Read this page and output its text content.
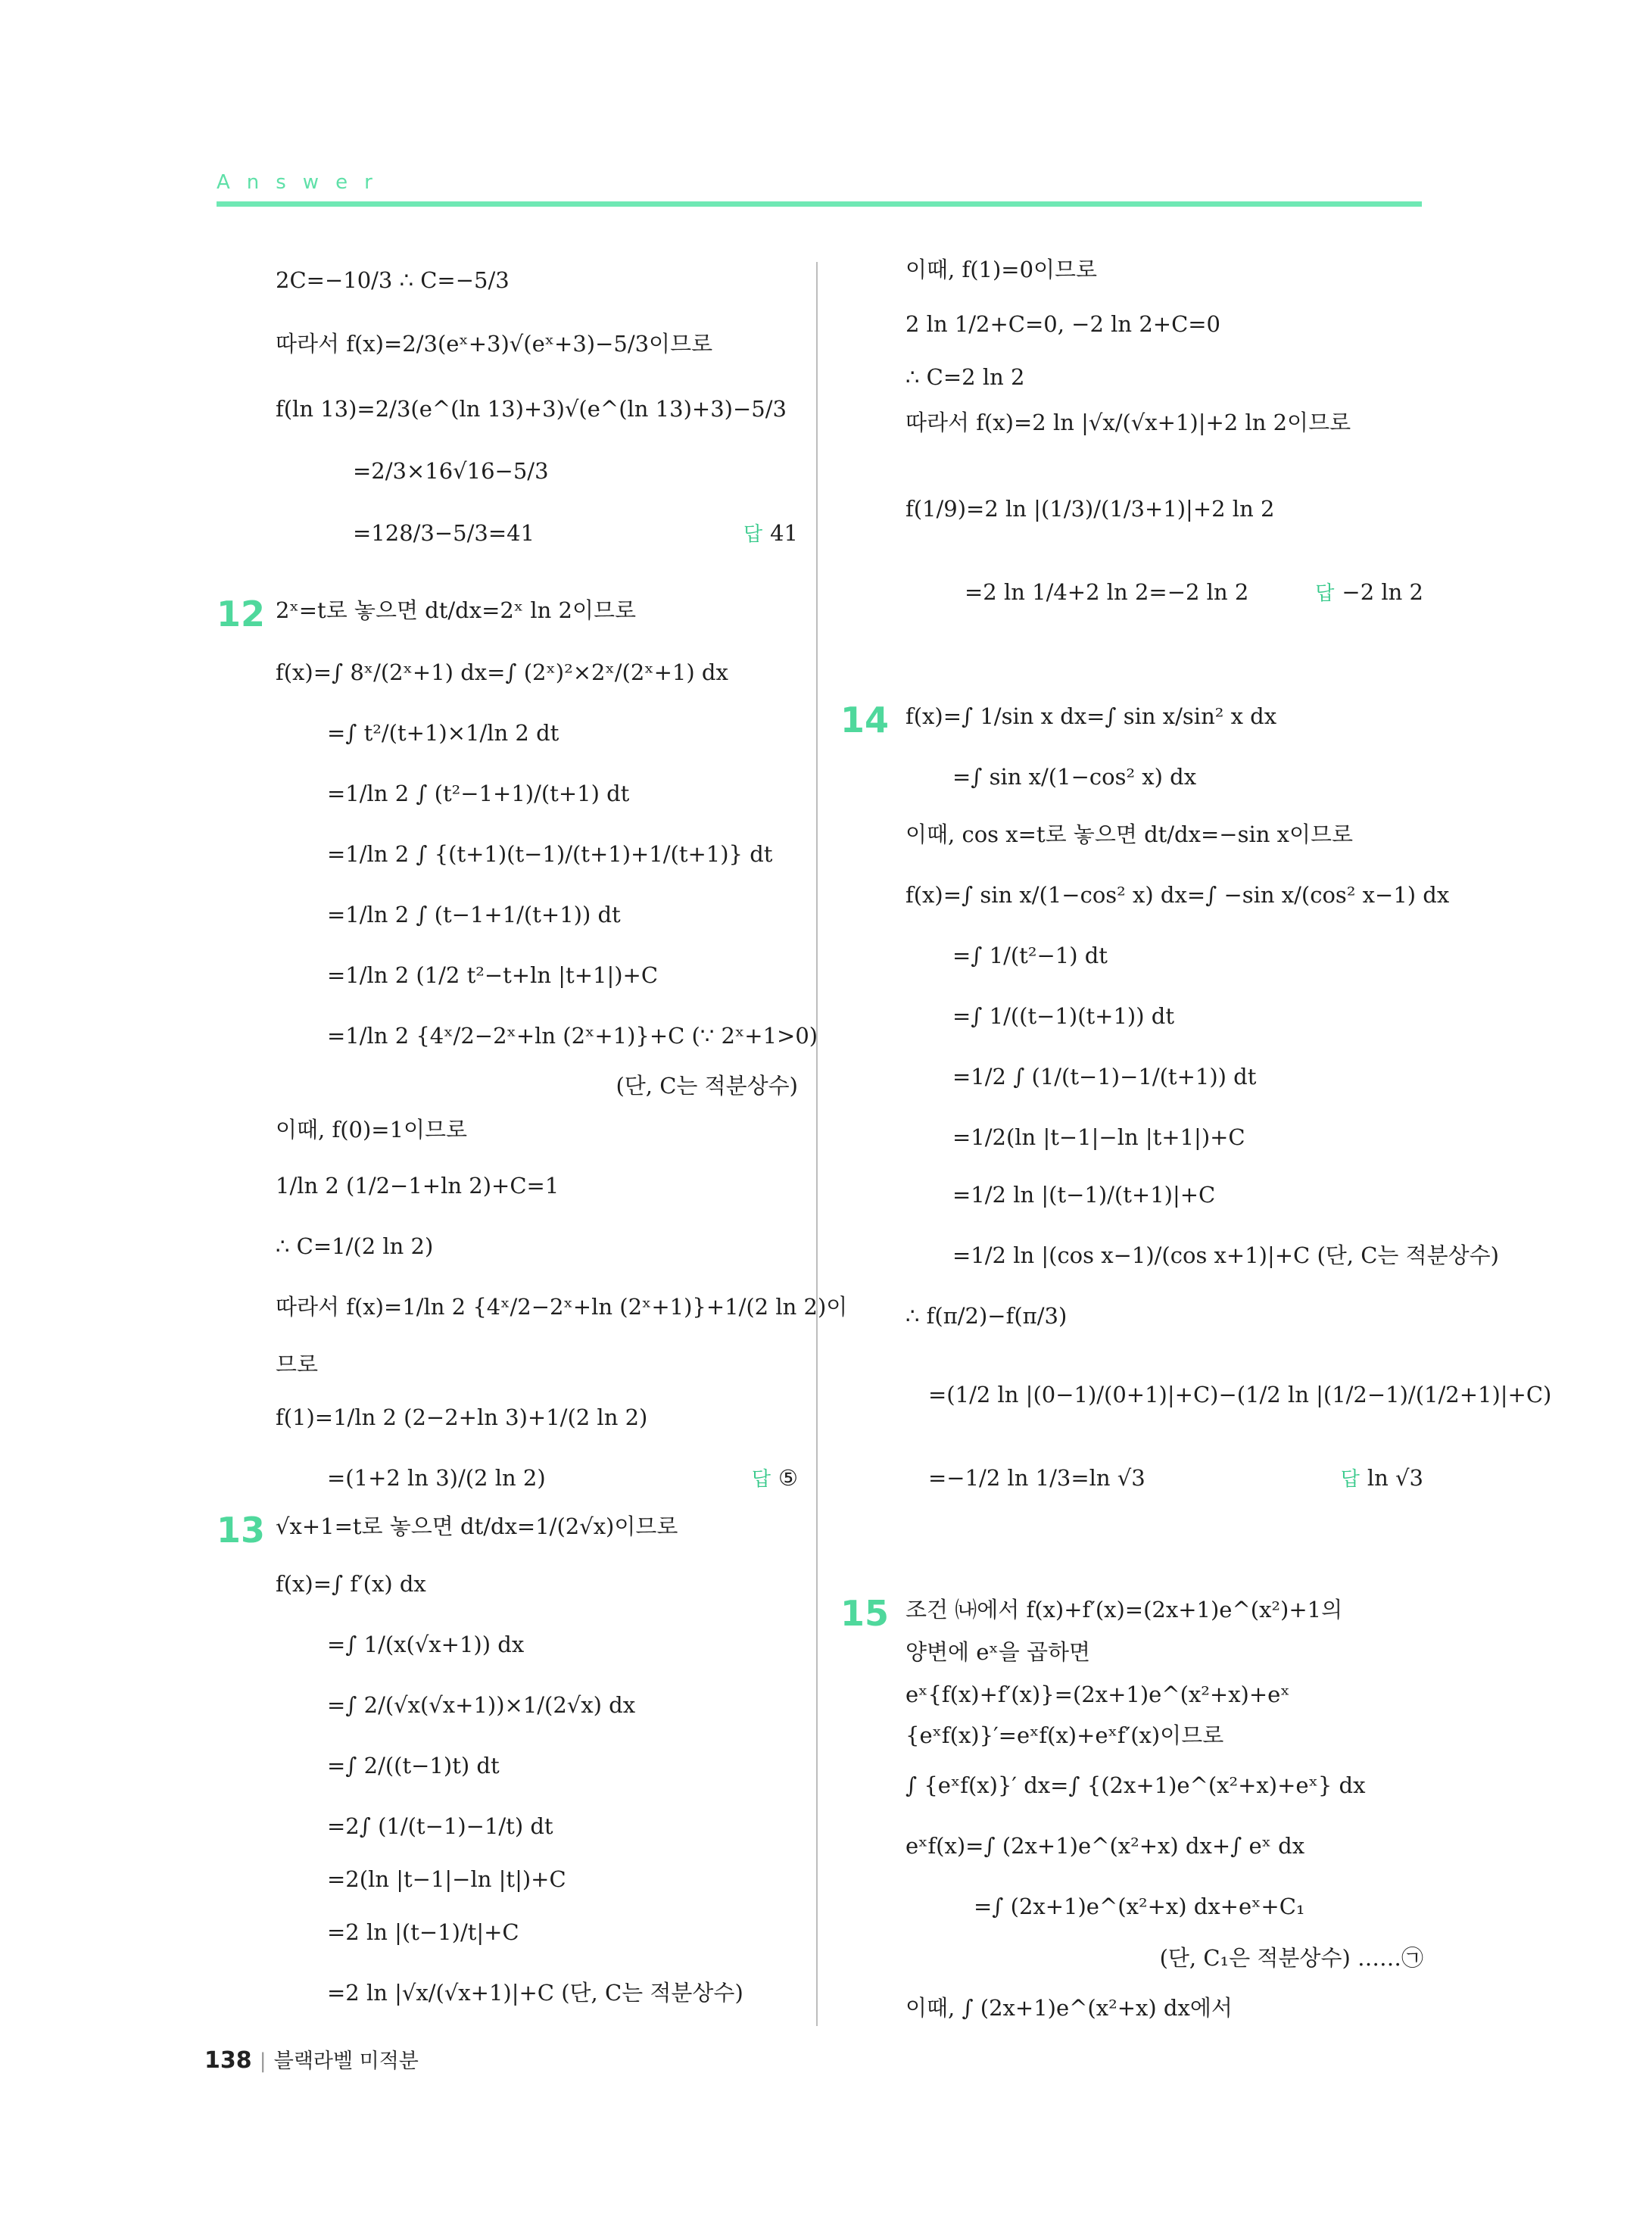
Answer
2C=−10/3 ∴ C=−5/3
따라서 f(x)=2/3(eˣ+3)√(eˣ+3)−5/3이므로
f(ln 13)=2/3(e^(ln 13)+3)√(e^(ln 13)+3)−5/3
=2/3×16√16−5/3
=128/3−5/3=41	답 41
12 2ˣ=t로 놓으면 dt/dx=2ˣ ln 2이므로
f(x)=∫ 8ˣ/(2ˣ+1) dx=∫ (2ˣ)²×2ˣ/(2ˣ+1) dx
=∫ t²/(t+1)×1/ln 2 dt
=1/ln 2 ∫ (t²−1+1)/(t+1) dt
=1/ln 2 ∫ {(t+1)(t−1)/(t+1)+1/(t+1)} dt
=1/ln 2 ∫ (t−1+1/(t+1)) dt
=1/ln 2 (1/2 t²−t+ln |t+1|)+C
=1/ln 2 {4ˣ/2−2ˣ+ln (2ˣ+1)}+C (∵ 2ˣ+1>0)
(단, C는 적분상수)
이때, f(0)=1이므로
1/ln 2 (1/2−1+ln 2)+C=1
∴ C=1/(2 ln 2)
따라서 f(x)=1/ln 2 {4ˣ/2−2ˣ+ln (2ˣ+1)}+1/(2 ln 2)이
므로
f(1)=1/ln 2 (2−2+ln 3)+1/(2 ln 2)
=(1+2 ln 3)/(2 ln 2)	답 ⑤
13 √x+1=t로 놓으면 dt/dx=1/(2√x)이므로
f(x)=∫ f′(x) dx
=∫ 1/(x(√x+1)) dx
=∫ 2/(√x(√x+1))×1/(2√x) dx
=∫ 2/((t−1)t) dt
=2∫ (1/(t−1)−1/t) dt
=2(ln |t−1|−ln |t|)+C
=2 ln |(t−1)/t|+C
=2 ln |√x/(√x+1)|+C (단, C는 적분상수)
이때, f(1)=0이므로
2 ln 1/2+C=0, −2 ln 2+C=0
∴ C=2 ln 2
따라서 f(x)=2 ln |√x/(√x+1)|+2 ln 2이므로
f(1/9)=2 ln |(1/3)/(1/3+1)|+2 ln 2
=2 ln 1/4+2 ln 2=−2 ln 2	답 −2 ln 2
14 f(x)=∫ 1/sin x dx=∫ sin x/sin² x dx
=∫ sin x/(1−cos² x) dx
이때, cos x=t로 놓으면 dt/dx=−sin x이므로
f(x)=∫ sin x/(1−cos² x) dx=∫ −sin x/(cos² x−1) dx
=∫ 1/(t²−1) dt
=∫ 1/((t−1)(t+1)) dt
=1/2 ∫ (1/(t−1)−1/(t+1)) dt
=1/2(ln |t−1|−ln |t+1|)+C
=1/2 ln |(t−1)/(t+1)|+C
=1/2 ln |(cos x−1)/(cos x+1)|+C (단, C는 적분상수)
∴ f(π/2)−f(π/3)
=(1/2 ln |(0−1)/(0+1)|+C)−(1/2 ln |(1/2−1)/(1/2+1)|+C)
=−1/2 ln 1/3=ln √3	답 ln √3
15 조건 ㈏에서 f(x)+f′(x)=(2x+1)e^(x²)+1의
양변에 eˣ을 곱하면
eˣ{f(x)+f′(x)}=(2x+1)e^(x²+x)+eˣ
{eˣf(x)}′=eˣf(x)+eˣf′(x)이므로
∫ {eˣf(x)}′ dx=∫ {(2x+1)e^(x²+x)+eˣ} dx
eˣf(x)=∫ (2x+1)e^(x²+x) dx+∫ eˣ dx
=∫ (2x+1)e^(x²+x) dx+eˣ+C₁
(단, C₁은 적분상수) ……㉠
이때, ∫ (2x+1)e^(x²+x) dx에서
138 | 블랙라벨 미적분
